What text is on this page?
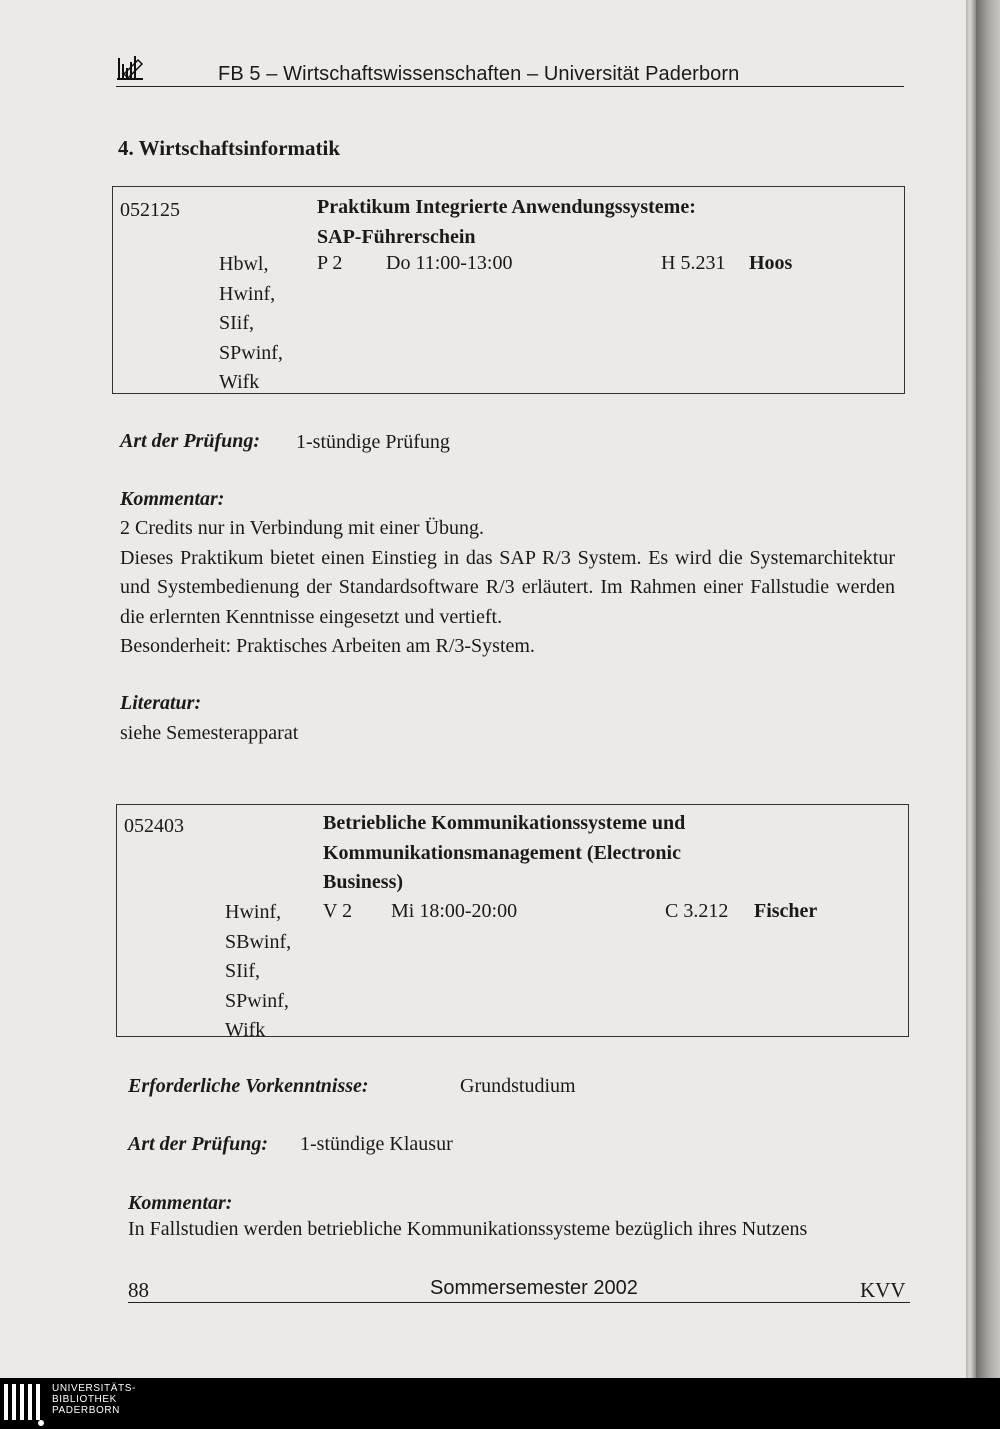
FB 5 – Wirtschaftswissenschaften – Universität Paderborn
4. Wirtschaftsinformatik
052125	Praktikum Integrierte Anwendungssysteme: SAP-Führerschein
Hbwl, Hwinf, SIif, SPwinf, Wifk
P 2 Do 11:00-13:00	H 5.231 Hoos
Art der Prüfung: 1-stündige Prüfung
Kommentar:

2 Credits nur in Verbindung mit einer Übung.

Dieses Praktikum bietet einen Einstieg in das SAP R/3 System. Es wird die Systemarchitektur und Systembedienung der Standardsoftware R/3 erläutert. Im Rahmen einer Fallstudie werden die erlernten Kenntnisse eingesetzt und vertieft.

Besonderheit: Praktisches Arbeiten am R/3-System.

Literatur:
siehe Semesterapparat
052403	Betriebliche Kommunikationssysteme und Kommunikationsmanagement (Electronic Business)
Hwinf, SBwinf, SIif, SPwinf, Wifk
V 2 Mi 18:00-20:00	C 3.212 Fischer
Erforderliche Vorkenntnisse:	Grundstudium
Art der Prüfung: 1-stündige Klausur
Kommentar:
In Fallstudien werden betriebliche Kommunikationssysteme bezüglich ihres Nutzens
88	Sommersemester 2002	KVV
UNIVERSITÄTS-
BIBLIOTHEK
PADERBORN
